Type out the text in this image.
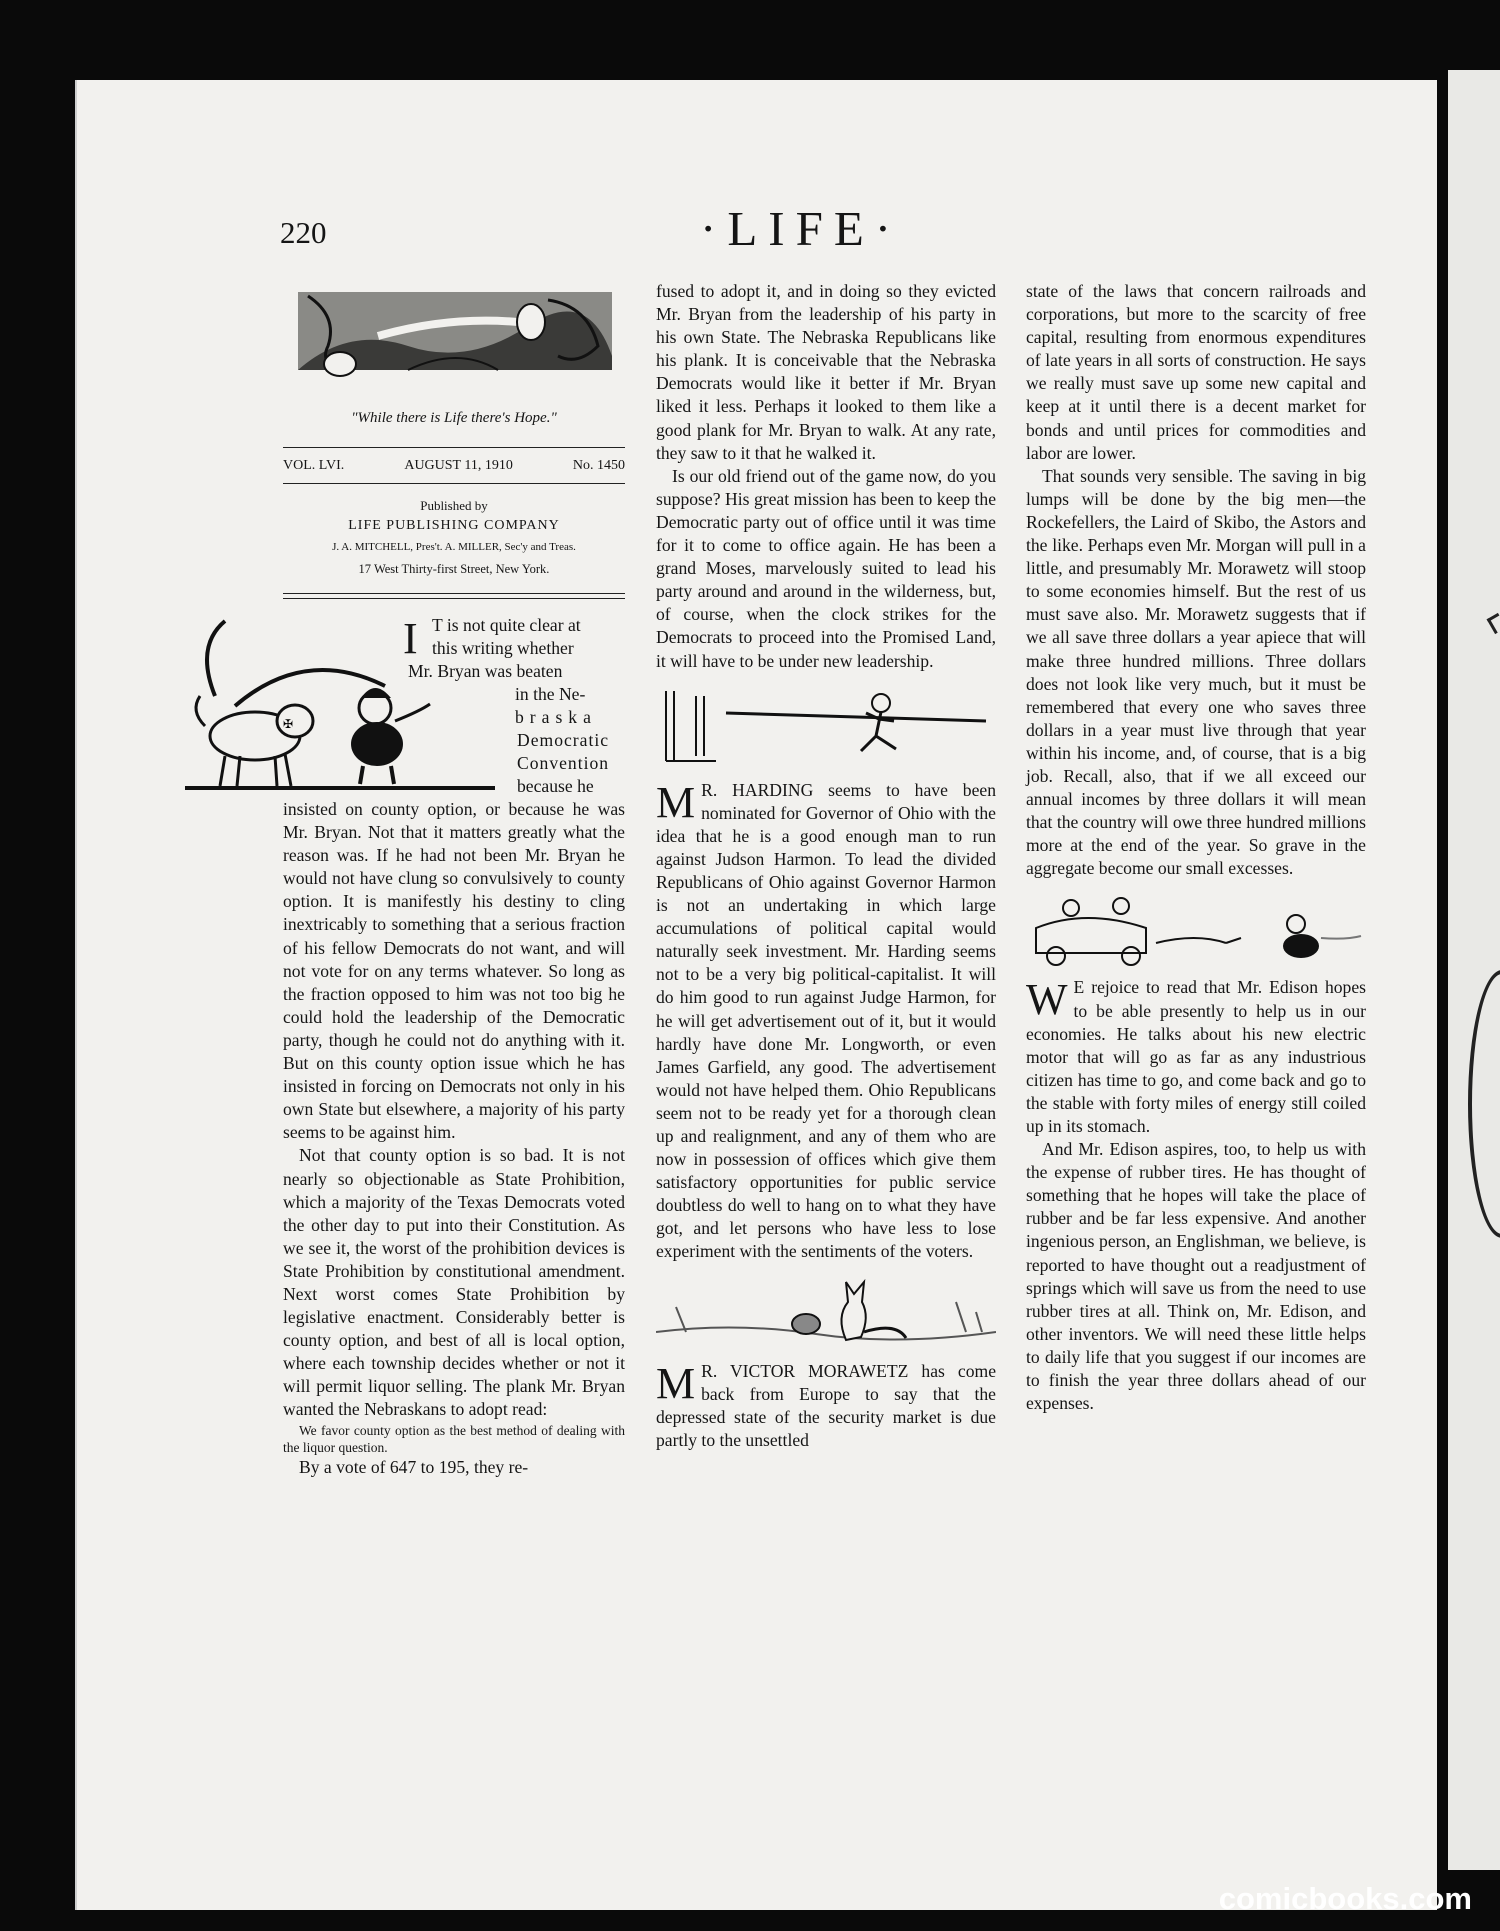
220	·LIFE·
"While there is Life there's Hope."
VOL. LVI.	AUGUST 11, 1910	No. 1450
Published by
LIFE PUBLISHING COMPANY
J. A. MITCHELL, Pres't. A. MILLER, Sec'y and Treas.
17 West Thirty-first Street, New York.
✠
I T is not quite clear at
this writing whether
Mr. Bryan was beaten
in the Ne-
braska
Democratic
Convention
because he

insisted on county option, or because he was Mr. Bryan. Not that it matters greatly what the reason was. If he had not been Mr. Bryan he would not have clung so convulsively to county option. It is manifestly his destiny to cling inextricably to something that a serious fraction of his fellow Democrats do not want, and will not vote for on any terms whatever. So long as the fraction opposed to him was not too big he could hold the leadership of the Democratic party, though he could not do anything with it. But on this county option issue which he has insisted in forcing on Democrats not only in his own State but elsewhere, a majority of his party seems to be against him.

Not that county option is so bad. It is not nearly so objectionable as State Prohibition, which a majority of the Texas Democrats voted the other day to put into their Constitution. As we see it, the worst of the prohibition devices is State Prohibition by constitutional amendment. Next worst comes State Prohibition by legislative enactment. Considerably better is county option, and best of all is local option, where each township decides whether or not it will permit liquor selling. The plank Mr. Bryan wanted the Nebraskans to adopt read:

We favor county option as the best method of dealing with the liquor question.

By a vote of 647 to 195, they re-

fused to adopt it, and in doing so they evicted Mr. Bryan from the leadership of his party in his own State. The Nebraska Republicans like his plank. It is conceivable that the Nebraska Democrats would like it better if Mr. Bryan liked it less. Perhaps it looked to them like a good plank for Mr. Bryan to walk. At any rate, they saw to it that he walked it.

Is our old friend out of the game now, do you suppose? His great mission has been to keep the Democratic party out of office until it was time for it to come to office again. He has been a grand Moses, marvelously suited to lead his party around and around in the wilderness, but, of course, when the clock strikes for the Democrats to proceed into the Promised Land, it will have to be under new leadership.

M R. HARDING seems to have been nominated for Governor of Ohio with the idea that he is a good enough man to run against Judson Harmon. To lead the divided Republicans of Ohio against Governor Harmon is not an undertaking in which large accumulations of political capital would naturally seek investment. Mr. Harding seems not to be a very big political-capitalist. It will do him good to run against Judge Harmon, for he will get advertisement out of it, but it would hardly have done Mr. Longworth, or even James Garfield, any good. The advertisement would not have helped them. Ohio Republicans seem not to be ready yet for a thorough clean up and realignment, and any of them who are now in possession of offices which give them satisfactory opportunities for public service doubtless do well to hang on to what they have got, and let persons who have less to lose experiment with the sentiments of the voters.

M R. VICTOR MORAWETZ has come back from Europe to say that the depressed state of the security market is due partly to the unsettled

state of the laws that concern railroads and corporations, but more to the scarcity of free capital, resulting from enormous expenditures of late years in all sorts of construction. He says we really must save up some new capital and keep at it until there is a decent market for bonds and until prices for commodities and labor are lower.

That sounds very sensible. The saving in big lumps will be done by the big men—the Rockefellers, the Laird of Skibo, the Astors and the like. Perhaps even Mr. Morgan will pull in a little, and presumably Mr. Morawetz will stoop to some economies himself. But the rest of us must save also. Mr. Morawetz suggests that if we all save three dollars a year apiece that will make three hundred millions. Three dollars does not look like very much, but it must be remembered that every one who saves three dollars in a year must live through that year within his income, and, of course, that is a big job. Recall, also, that if we all exceed our annual incomes by three dollars it will mean that the country will owe three hundred millions more at the end of the year. So grave in the aggregate become our small excesses.

W E rejoice to read that Mr. Edison hopes to be able presently to help us in our economies. He talks about his new electric motor that will go as far as any industrious citizen has time to go, and come back and go to the stable with forty miles of energy still coiled up in its stomach.

And Mr. Edison aspires, too, to help us with the expense of rubber tires. He has thought of something that he hopes will take the place of rubber and be far less expensive. And another ingenious person, an Englishman, we believe, is reported to have thought out a readjustment of springs which will save us from the need to use rubber tires at all. Think on, Mr. Edison, and other inventors. We will need these little helps to daily life that you suggest if our incomes are to finish the year three dollars ahead of our expenses.

comicbooks.com
